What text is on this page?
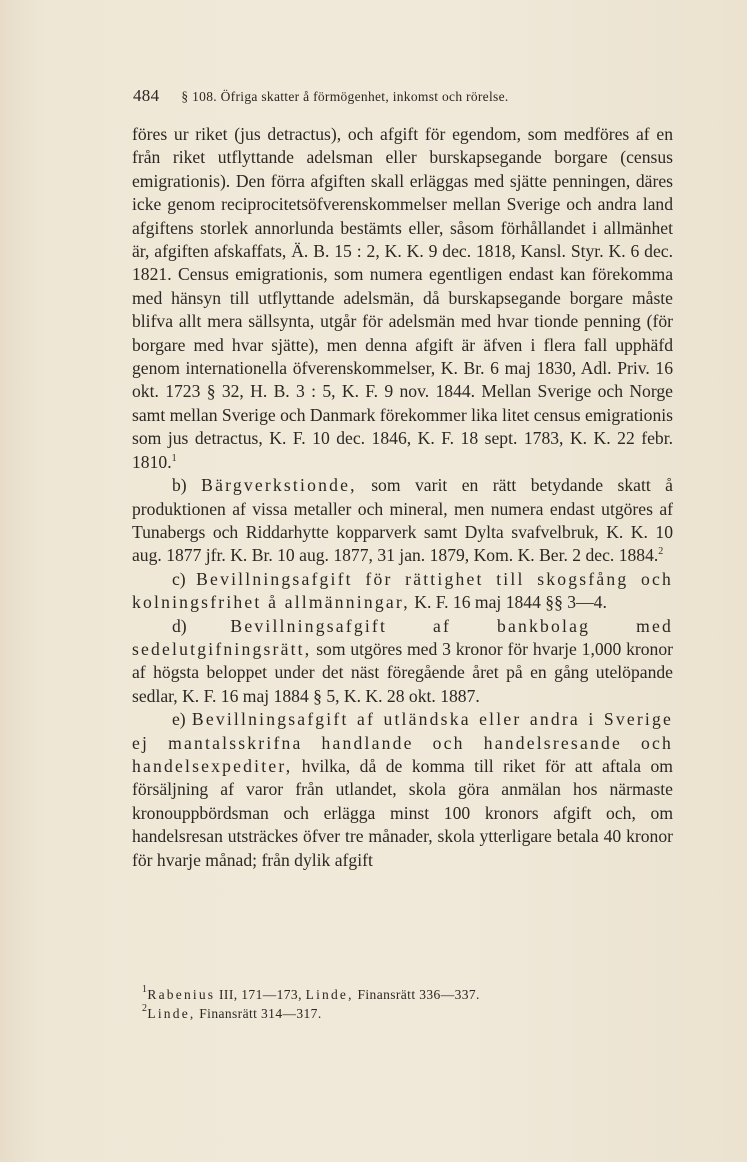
484 § 108. Öfriga skatter å förmögenhet, inkomst och rörelse.

föres ur riket (jus detractus), och afgift för egendom, som medföres af en från riket utflyttande adelsman eller burskapsegande borgare (census emigrationis). Den förra afgiften skall erläggas med sjätte penningen, däres icke genom reciprocitetsöfverenskommelser mellan Sverige och andra land afgiftens storlek annorlunda bestämts eller, såsom förhållandet i allmänhet är, afgiften afskaffats, Ä. B. 15 : 2, K. K. 9 dec. 1818, Kansl. Styr. K. 6 dec. 1821. Census emigrationis, som numera egentligen endast kan förekomma med hänsyn till utflyttande adelsmän, då burskapsegande borgare måste blifva allt mera sällsynta, utgår för adelsmän med hvar tionde penning (för borgare med hvar sjätte), men denna afgift är äfven i flera fall upphäfd genom internationella öfverenskommelser, K. Br. 6 maj 1830, Adl. Priv. 16 okt. 1723 § 32, H. B. 3 : 5, K. F. 9 nov. 1844. Mellan Sverige och Norge samt mellan Sverige och Danmark förekommer lika litet census emigrationis som jus detractus, K. F. 10 dec. 1846, K. F. 18 sept. 1783, K. K. 22 febr. 1810.$^1$

b) Bärgverkstionde, som varit en rätt betydande skatt å produktionen af vissa metaller och mineral, men numera endast utgöres af Tunabergs och Riddarhytte kopparverk samt Dylta svafvelbruk, K. K. 10 aug. 1877 jfr. K. Br. 10 aug. 1877, 31 jan. 1879, Kom. K. Ber. 2 dec. 1884.$^2$

c) Bevillningsafgift för rättighet till skogsfång och kolningsfrihet å allmänningar, K. F. 16 maj 1844 §§ 3—4.

d) Bevillningsafgift af bankbolag med sedelutgifningsrätt, som utgöres med 3 kronor för hvarje 1,000 kronor af högsta beloppet under det näst föregående året på en gång utelöpande sedlar, K. F. 16 maj 1884 § 5, K. K. 28 okt. 1887.

e) Bevillningsafgift af utländska eller andra i Sverige ej mantalsskrifna handlande och handelsresande och handelsexpediter, hvilka, då de komma till riket för att aftala om försäljning af varor från utlandet, skola göra anmälan hos närmaste kronouppbördsman och erlägga minst 100 kronors afgift och, om handelsresan utsträckes öfver tre månader, skola ytterligare betala 40 kronor för hvarje månad; från dylik afgift

$^1$Rabenius III, 171—173, Linde, Finansrätt 336—337.
$^2$Linde, Finansrätt 314—317.
